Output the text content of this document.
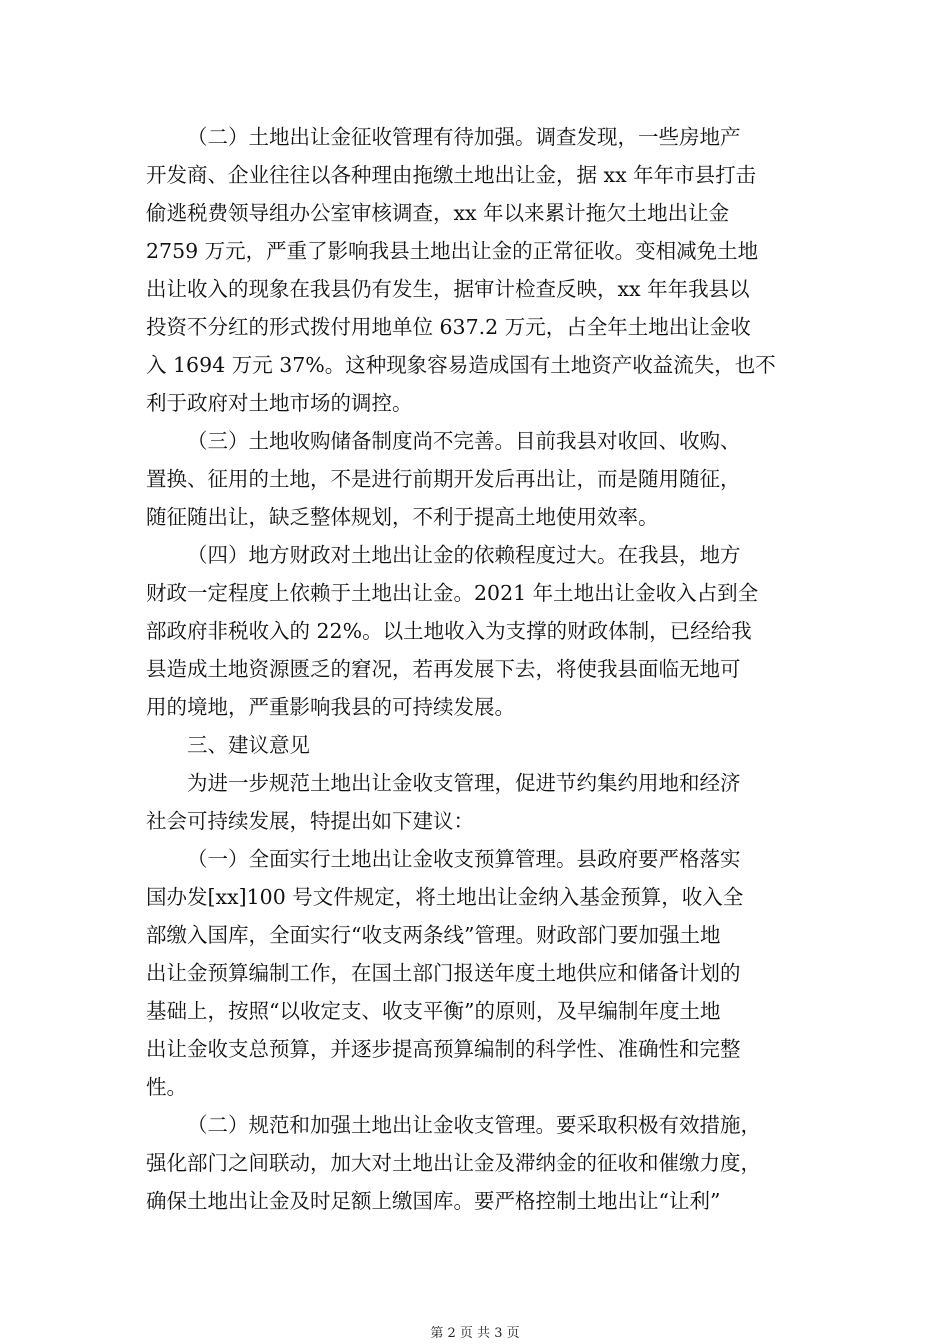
（二）土地出让金征收管理有待加强。调查发现，一些房地产
开发商、企业往往以各种理由拖缴土地出让金，据 xx 年年市县打击
偷逃税费领导组办公室审核调查，xx 年以来累计拖欠土地出让金
2759 万元，严重了影响我县土地出让金的正常征收。变相减免土地
出让收入的现象在我县仍有发生，据审计检查反映，xx 年年我县以
投资不分红的形式拨付用地单位 637.2 万元，占全年土地出让金收
入 1694 万元 37%。这种现象容易造成国有土地资产收益流失，也不
利于政府对土地市场的调控。
（三）土地收购储备制度尚不完善。目前我县对收回、收购、
置换、征用的土地，不是进行前期开发后再出让，而是随用随征，
随征随出让，缺乏整体规划，不利于提高土地使用效率。
（四）地方财政对土地出让金的依赖程度过大。在我县，地方
财政一定程度上依赖于土地出让金。2021 年土地出让金收入占到全
部政府非税收入的 22%。以土地收入为支撑的财政体制，已经给我
县造成土地资源匮乏的窘况，若再发展下去，将使我县面临无地可
用的境地，严重影响我县的可持续发展。
三、建议意见
为进一步规范土地出让金收支管理，促进节约集约用地和经济
社会可持续发展，特提出如下建议：
（一）全面实行土地出让金收支预算管理。县政府要严格落实
国办发[xx]100 号文件规定，将土地出让金纳入基金预算，收入全
部缴入国库，全面实行“收支两条线”管理。财政部门要加强土地
出让金预算编制工作，在国土部门报送年度土地供应和储备计划的
基础上，按照“以收定支、收支平衡”的原则，及早编制年度土地
出让金收支总预算，并逐步提高预算编制的科学性、准确性和完整
性。
（二）规范和加强土地出让金收支管理。要采取积极有效措施，
强化部门之间联动，加大对土地出让金及滞纳金的征收和催缴力度，
确保土地出让金及时足额上缴国库。要严格控制土地出让“让利”
第 2 页 共 3 页
